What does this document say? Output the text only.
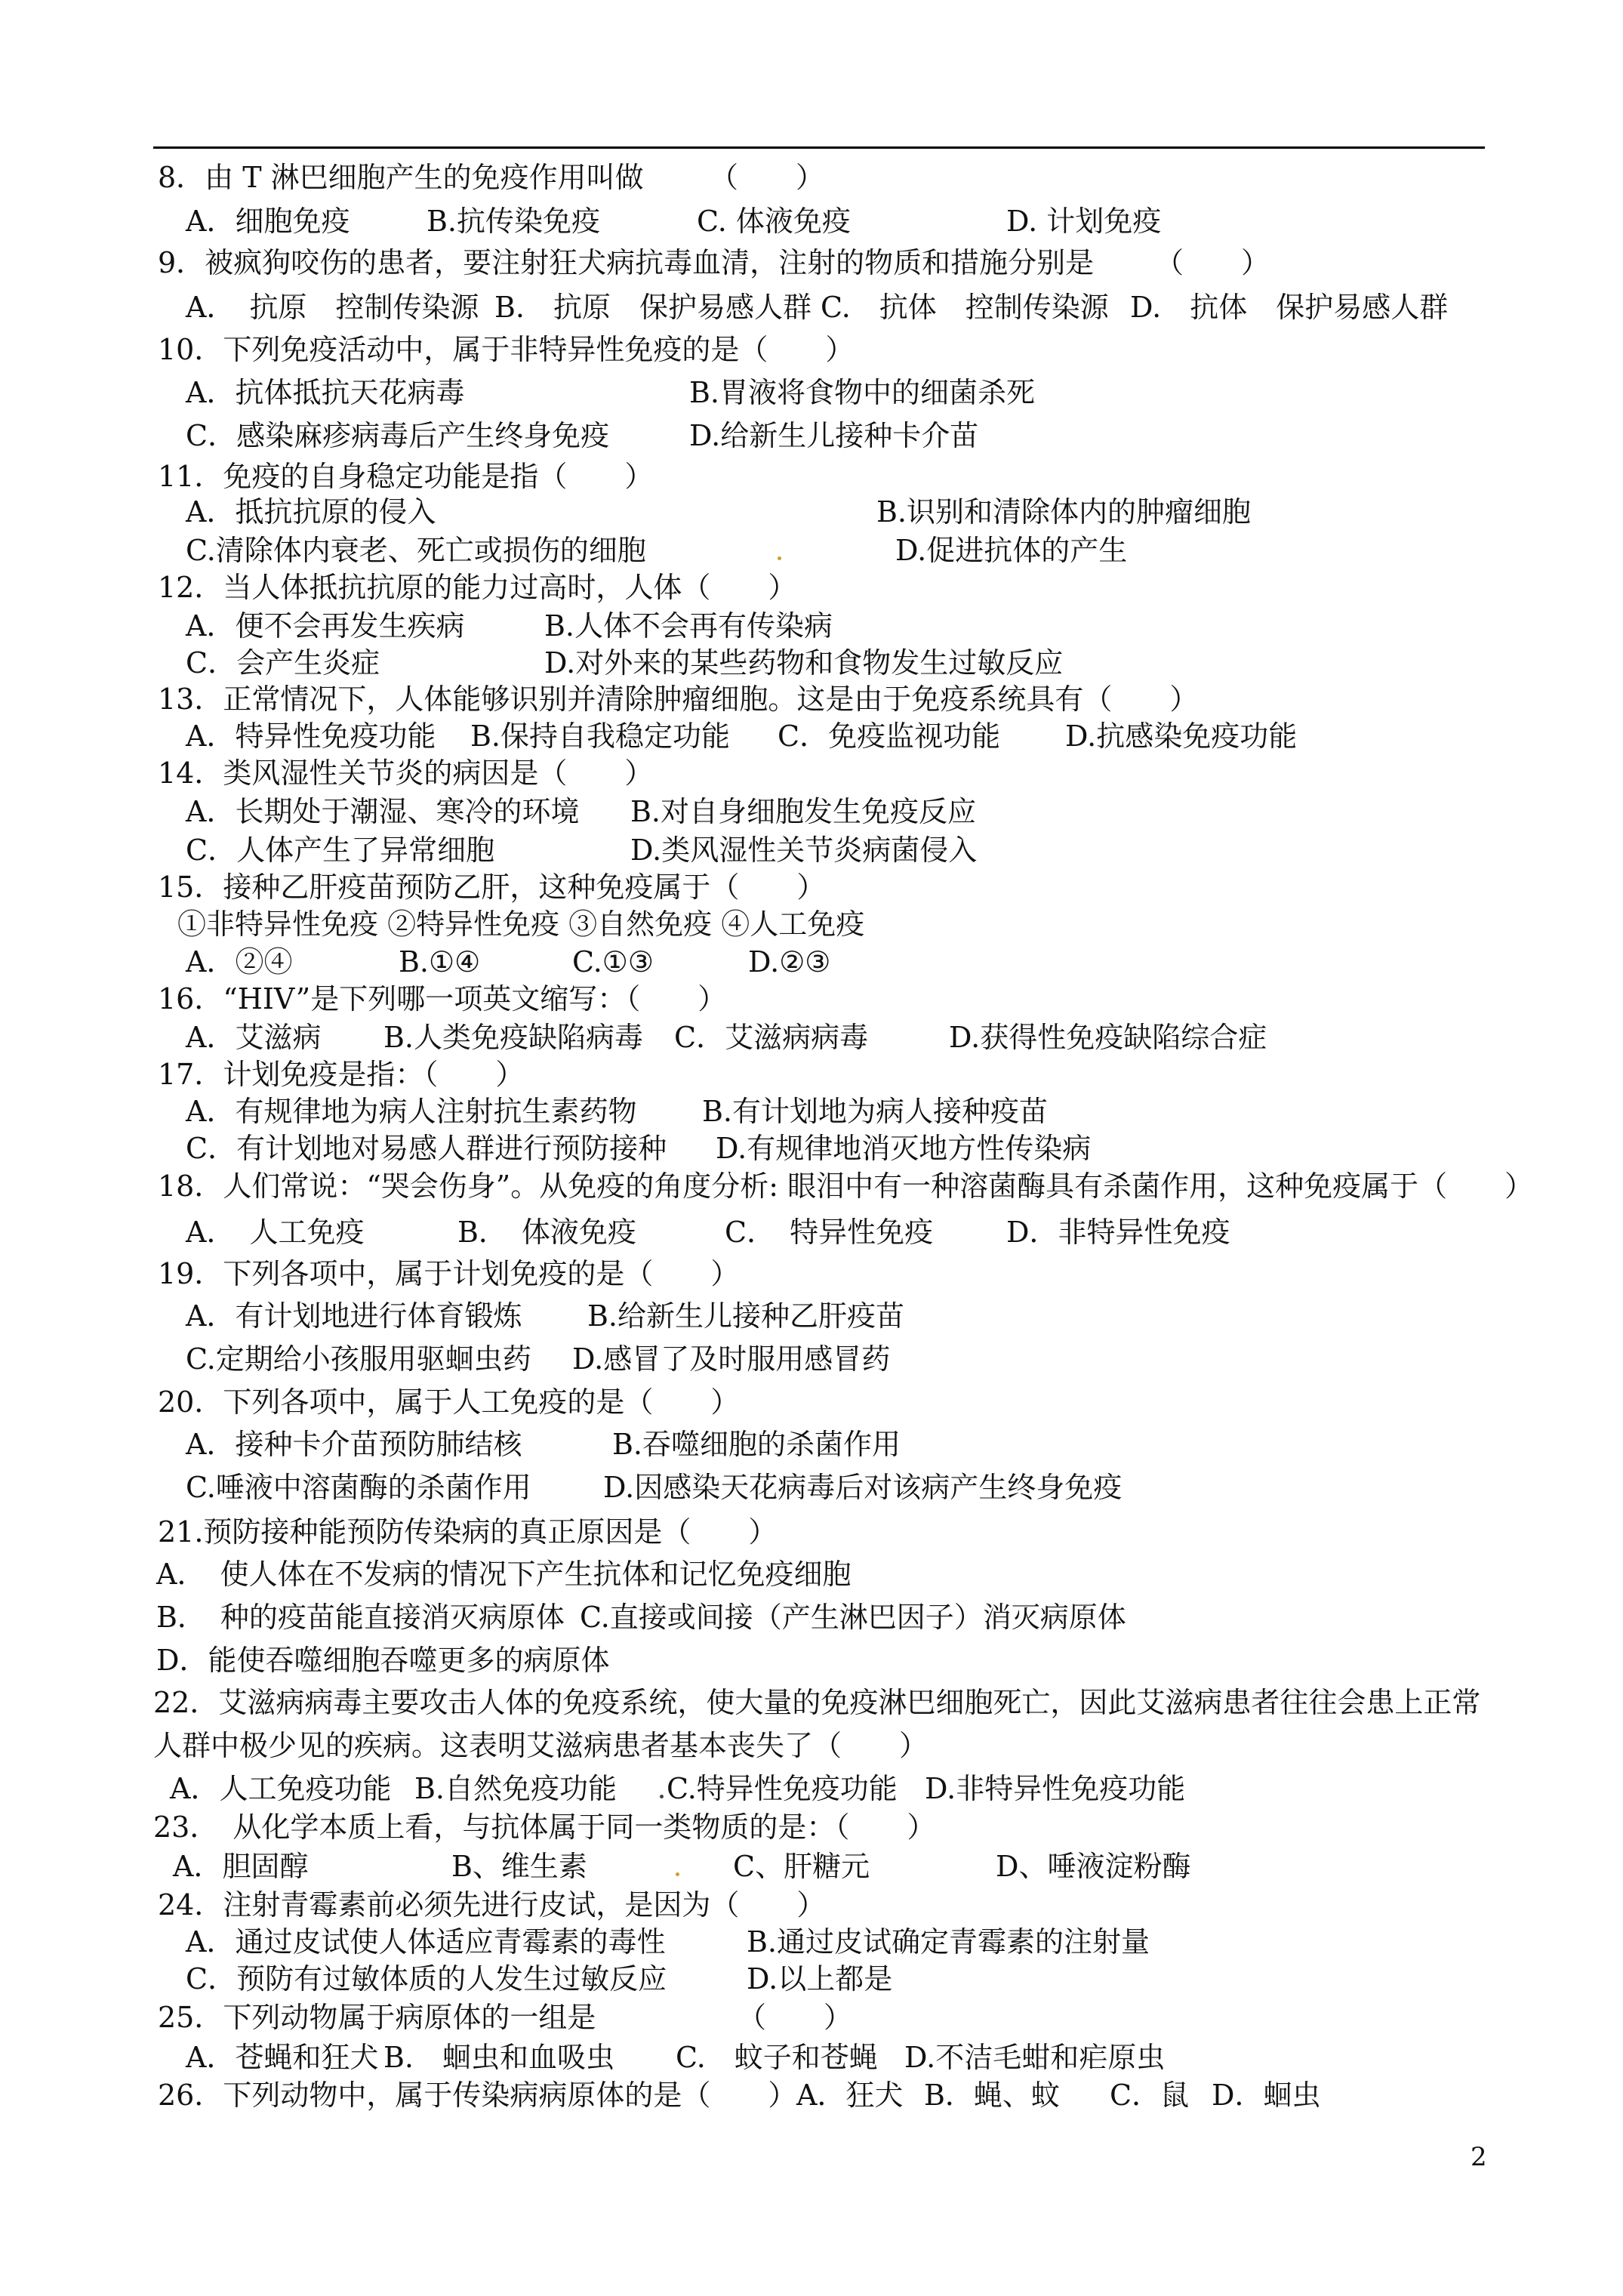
8．由 T 淋巴细胞产生的免疫作用叫做

（　　）

A．细胞免疫

	B.抗传染免疫

	C. 体液免疫

	D. 计划免疫

9．被疯狗咬伤的患者，要注射狂犬病抗毒血清，注射的物质和措施分别是

（　　）

A．　抗原　控制传染源

B.　抗原　保护易感人群

C.　抗体　控制传染源

D.　抗体　保护易感人群

10．下列免疫活动中，属于非特异性免疫的是（　　）

A．抗体抵抗天花病毒

	B.胃液将食物中的细菌杀死

C．感染麻疹病毒后产生终身免疫

	D.给新生儿接种卡介苗

11．免疫的自身稳定功能是指（　　）

A．抵抗抗原的侵入

	B.识别和清除体内的肿瘤细胞

C.清除体内衰老、死亡或损伤的细胞

	D.促进抗体的产生

12．当人体抵抗抗原的能力过高时，人体（　　）

A．便不会再发生疾病

	B.人体不会再有传染病

C．会产生炎症

	D.对外来的某些药物和食物发生过敏反应

13．正常情况下，人体能够识别并清除肿瘤细胞。这是由于免疫系统具有（　　）

A．特异性免疫功能

B.保持自我稳定功能

C．免疫监视功能

D.抗感染免疫功能

14．类风湿性关节炎的病因是（　　）

A．长期处于潮湿、寒冷的环境

B.对自身细胞发生免疫反应

C．人体产生了异常细胞

	D.类风湿性关节炎病菌侵入

15．接种乙肝疫苗预防乙肝，这种免疫属于（　　）

①非特异性免疫 ②特异性免疫 ③自然免疫 ④人工免疫

A．②④

	B.①④

	C.①③

	D.②③

16．“HIV”是下列哪一项英文缩写：（　　）

A．艾滋病

B.人类免疫缺陷病毒

C．艾滋病病毒

	D.获得性免疫缺陷综合症

17．计划免疫是指：（　　）

A．有规律地为病人注射抗生素药物

B.有计划地为病人接种疫苗

C．有计划地对易感人群进行预防接种

D.有规律地消灭地方性传染病

18．人们常说：“哭会伤身”。从免疫的角度分析: 眼泪中有一种溶菌酶具有杀菌作用，这种免疫属于（　　）

A．　人工免疫

	B．　体液免疫

	C．　特异性免疫

	D．非特异性免疫

19．下列各项中，属于计划免疫的是（　　）

A．有计划地进行体育锻炼

B.给新生儿接种乙肝疫苗

C.定期给小孩服用驱蛔虫药

D.感冒了及时服用感冒药

20．下列各项中，属于人工免疫的是（　　）

A．接种卡介苗预防肺结核

	B.吞噬细胞的杀菌作用

C.唾液中溶菌酶的杀菌作用

	D.因感染天花病毒后对该病产生终身免疫

21.预防接种能预防传染病的真正原因是（　　）

A．　使人体在不发病的情况下产生抗体和记忆免疫细胞

B．　种的疫苗能直接消灭病原体

C.直接或间接（产生淋巴因子）消灭病原体

D．能使吞噬细胞吞噬更多的病原体

22．艾滋病病毒主要攻击人体的免疫系统，使大量的免疫淋巴细胞死亡，因此艾滋病患者往往会患上正常

人群中极少见的疾病。这表明艾滋病患者基本丧失了（　　）

A．人工免疫功能

B.自然免疫功能

C.特异性免疫功能

D.非特异性免疫功能

23．　从化学本质上看，与抗体属于同一类物质的是：（　　）

A．胆固醇

	B、维生素

	C、肝糖元

	D、唾液淀粉酶

24．注射青霉素前必须先进行皮试，是因为（　　）

A．通过皮试使人体适应青霉素的毒性

	B.通过皮试确定青霉素的注射量

C．预防有过敏体质的人发生过敏反应

	D.以上都是

25．下列动物属于病原体的一组是

	（　　）

A．苍蝇和狂犬

B.　蛔虫和血吸虫

C.　蚊子和苍蝇

D.不洁毛蚶和疟原虫

26．下列动物中，属于传染病病原体的是（　　）

A．狂犬

B．蝇、蚊

C．鼠

D．蛔虫

2
